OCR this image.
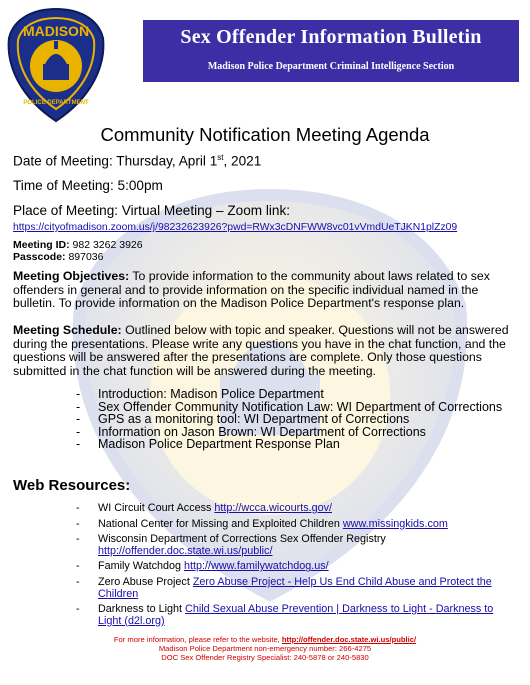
MADISON
POLICE DEPARTMENT
Sex Offender Information Bulletin
Madison Police Department Criminal Intelligence Section
Community Notification Meeting Agenda
Date of Meeting: Thursday, April 1st, 2021
Time of Meeting: 5:00pm
Place of Meeting: Virtual Meeting – Zoom link:
https://cityofmadison.zoom.us/j/98232623926?pwd=RWx3cDNFWW8vc01vVmdUeTJKN1plZz09
Meeting ID: 982 3262 3926
Passcode: 897036
Meeting Objectives: To provide information to the community about laws related to sex offenders in general and to provide information on the specific individual named in the bulletin. To provide information on the Madison Police Department's response plan.
Meeting Schedule: Outlined below with topic and speaker. Questions will not be answered during the presentations. Please write any questions you have in the chat function, and the questions will be answered after the presentations are complete. Only those questions submitted in the chat function will be answered during the meeting.
- Introduction: Madison Police Department
- Sex Offender Community Notification Law: WI Department of Corrections
- GPS as a monitoring tool: WI Department of Corrections
- Information on Jason Brown: WI Department of Corrections
- Madison Police Department Response Plan
Web Resources:
- WI Circuit Court Access http://wcca.wicourts.gov/
- National Center for Missing and Exploited Children www.missingkids.com
- Wisconsin Department of Corrections Sex Offender Registry http://offender.doc.state.wi.us/public/
- Family Watchdog http://www.familywatchdog.us/
- Zero Abuse Project Zero Abuse Project - Help Us End Child Abuse and Protect the Children
- Darkness to Light Child Sexual Abuse Prevention | Darkness to Light - Darkness to Light (d2l.org)
For more information, please refer to the website, http://offender.doc.state.wi.us/public/
Madison Police Department non-emergency number: 266-4275
DOC Sex Offender Registry Specialist: 240-5878 or 240-5830
